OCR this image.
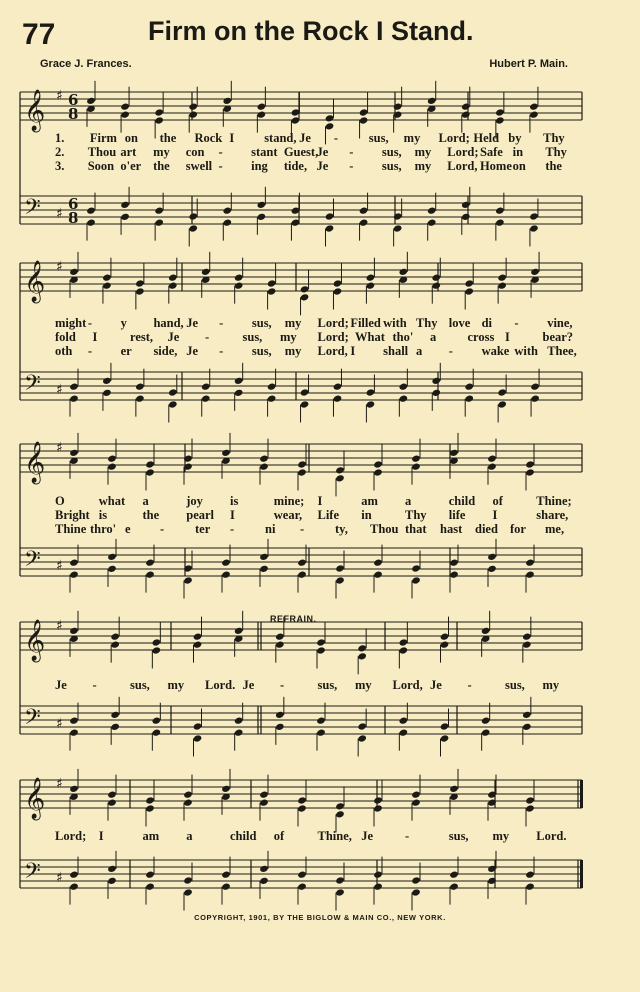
77	Firm on the Rock I Stand.
Grace J. Frances.	Hubert P. Main.
REFRAIN.
COPYRIGHT, 1901, BY THE BIGLOW & MAIN CO., NEW YORK.
𝄞
𝄢
♯
♯
6
8
6
8
𝄞
𝄢
♯
♯
𝄞
𝄢
♯
♯
𝄞
𝄢
♯
♯
𝄞
𝄢
♯
♯
1. Firm on the Rock I stand, Je - sus, my Lord; Held by Thy
2. Thou art my con - stant Guest,
Je - sus, my Lord; Safe in Thy
3. Soon o'er the swell - ing tide, Je - sus, my Lord, Home on the
might - y hand, Je - sus, my Lord; Filled with Thy love di - vine,
fold I	rest, Je -	sus, my Lord; What tho' a	cross I	bear?
oth - er side, Je - sus, my Lord, I shall a - wake with Thee,
O	what a	joy is	mine; I	am a	child of	Thine;
Bright is	the pearl I	wear, Life in	Thy life I	share,
Thine thro' e - ter - ni - ty, Thou that hast died for me,
Je -	sus, my Lord. Je -	sus, my Lord, Je -	sus, my
Lord; I	am a	child of	Thine, Je	-	sus, my Lord.
